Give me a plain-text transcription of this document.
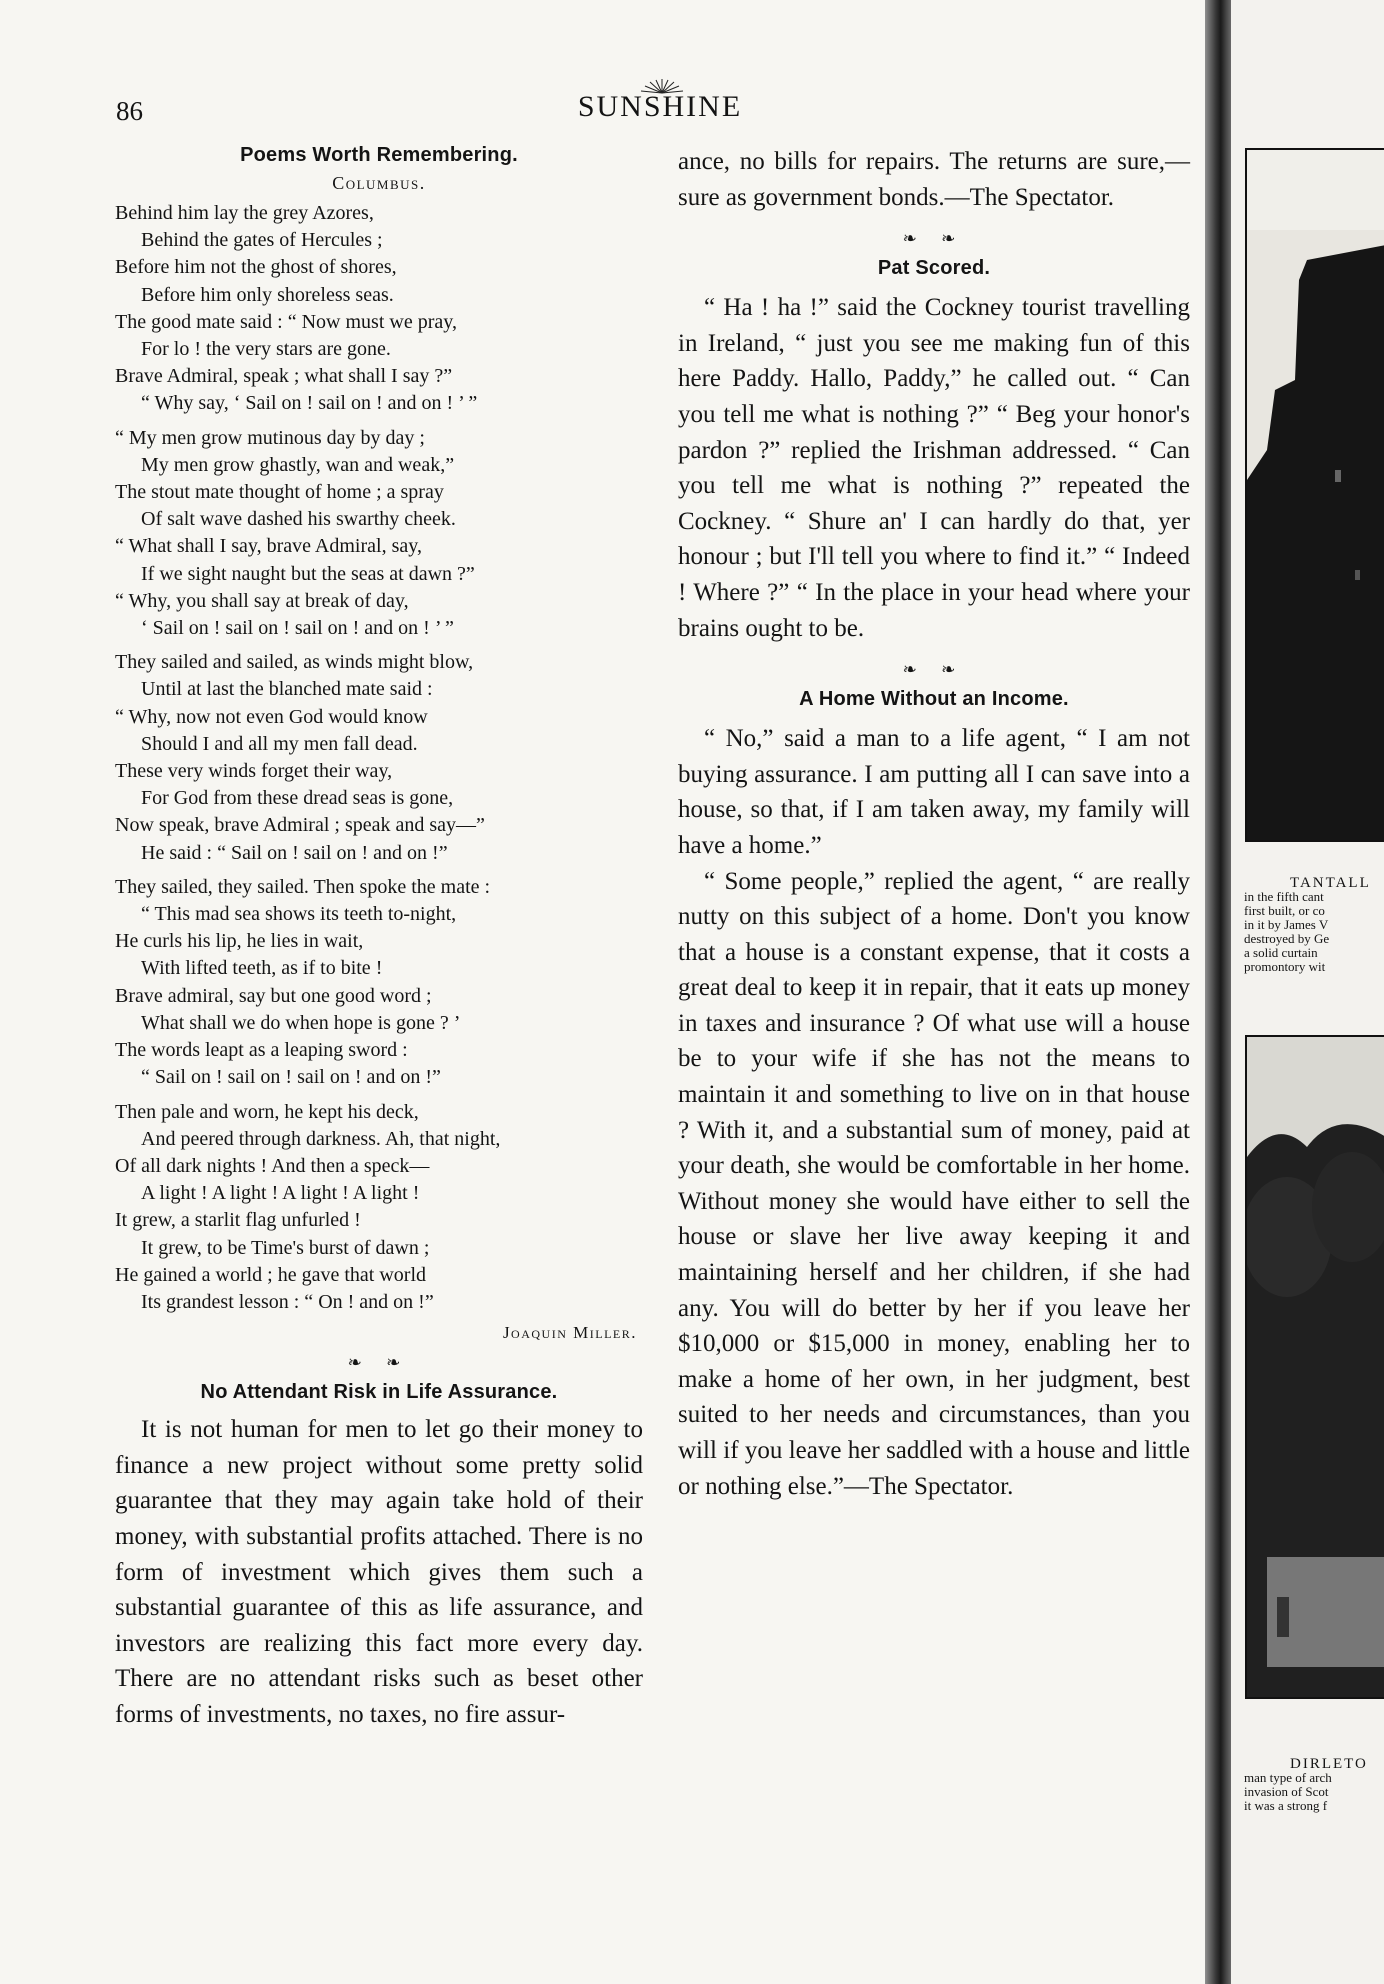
86	SUNSHINE
Poems Worth Remembering.
Columbus.
Behind him lay the grey Azores,
Behind the gates of Hercules ;
Before him not the ghost of shores,
Before him only shoreless seas.
The good mate said : “ Now must we pray,
For lo ! the very stars are gone.
Brave Admiral, speak ; what shall I say ?”
“ Why say, ‘ Sail on ! sail on ! and on ! ’ ”
“ My men grow mutinous day by day ;
My men grow ghastly, wan and weak,”
The stout mate thought of home ; a spray
Of salt wave dashed his swarthy cheek.
“ What shall I say, brave Admiral, say,
If we sight naught but the seas at dawn ?”
“ Why, you shall say at break of day,
‘ Sail on ! sail on ! sail on ! and on ! ’ ”
They sailed and sailed, as winds might blow,
Until at last the blanched mate said :
“ Why, now not even God would know
Should I and all my men fall dead.
These very winds forget their way,
For God from these dread seas is gone,
Now speak, brave Admiral ; speak and say—”
He said : “ Sail on ! sail on ! and on !”
They sailed, they sailed. Then spoke the mate :
“ This mad sea shows its teeth to-night,
He curls his lip, he lies in wait,
With lifted teeth, as if to bite !
Brave admiral, say but one good word ;
What shall we do when hope is gone ? ’
The words leapt as a leaping sword :
“ Sail on ! sail on ! sail on ! and on !”
Then pale and worn, he kept his deck,
And peered through darkness. Ah, that night,
Of all dark nights ! And then a speck—
A light ! A light ! A light ! A light !
It grew, a starlit flag unfurled !
It grew, to be Time's burst of dawn ;
He gained a world ; he gave that world
Its grandest lesson : “ On ! and on !”
Joaquin Miller.
❧ ❧
No Attendant Risk in Life Assurance.

It is not human for men to let go their money to finance a new project without some pretty solid guarantee that they may again take hold of their money, with substantial profits attached. There is no form of investment which gives them such a substantial guarantee of this as life assurance, and investors are realizing this fact more every day. There are no attendant risks such as beset other forms of investments, no taxes, no fire assur-

ance, no bills for repairs. The returns are sure,—sure as government bonds.—The Spectator.

❧ ❧
Pat Scored.

“ Ha ! ha !” said the Cockney tourist travelling in Ireland, “ just you see me making fun of this here Paddy. Hallo, Paddy,” he called out. “ Can you tell me what is nothing ?” “ Beg your honor's pardon ?” replied the Irishman addressed. “ Can you tell me what is nothing ?” repeated the Cockney. “ Shure an' I can hardly do that, yer honour ; but I'll tell you where to find it.” “ Indeed ! Where ?” “ In the place in your head where your brains ought to be.

❧ ❧
A Home Without an Income.

“ No,” said a man to a life agent, “ I am not buying assurance. I am putting all I can save into a house, so that, if I am taken away, my family will have a home.”

“ Some people,” replied the agent, “ are really nutty on this subject of a home. Don't you know that a house is a constant expense, that it costs a great deal to keep it in repair, that it eats up money in taxes and insurance ? Of what use will a house be to your wife if she has not the means to maintain it and something to live on in that house ? With it, and a substantial sum of money, paid at your death, she would be comfortable in her home. Without money she would have either to sell the house or slave her live away keeping it and maintaining herself and her children, if she had any. You will do better by her if you leave her $10,000 or $15,000 in money, enabling her to make a home of her own, in her judgment, best suited to her needs and circumstances, than you will if you leave her saddled with a house and little or nothing else.”—The Spectator.

TANTALL
in the fifth cant
first built, or co
in it by James V
destroyed by Ge
a solid curtain
promontory wit
DIRLETO
man type of arch
invasion of Scot
it was a strong f
